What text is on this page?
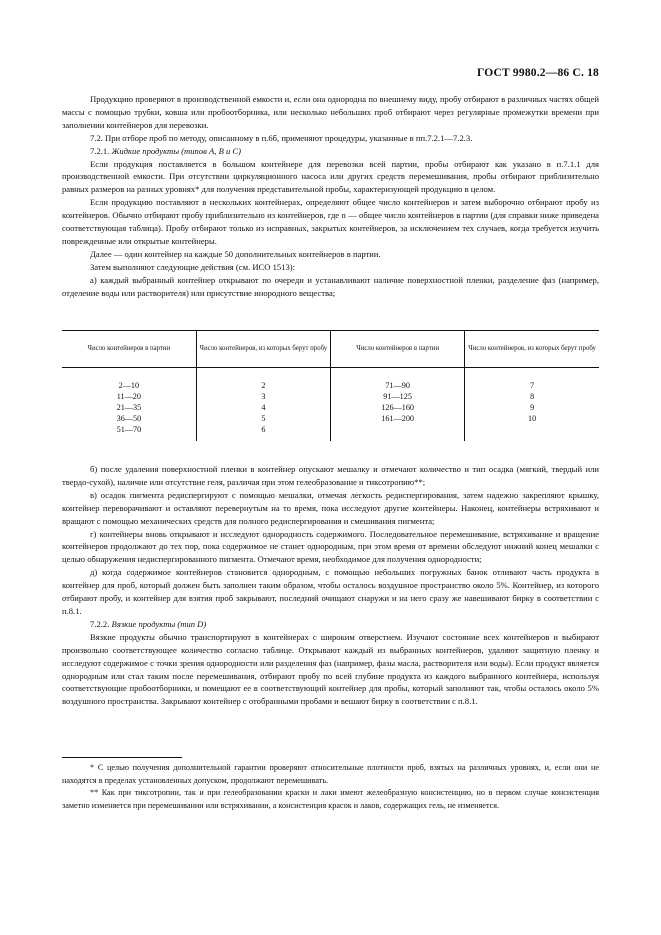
ГОСТ 9980.2—86 С. 18

Продукцию проверяют в производственной емкости и, если она однородна по внешнему виду, пробу отбирают в различных частях общей массы с помощью трубки, ковша или пробоотборника, или несколько небольших проб отбирают через регулярные промежутки времени при заполнении контейнеров для перевозки.

7.2. При отборе проб по методу, описанному в п.6б, применяют процедуры, указанные в пп.7.2.1—7.2.3.

7.2.1. Жидкие продукты (типов А, В и С)

Если продукция поставляется в большом контейнере для перевозки всей партии, пробы отбирают как указано в п.7.1.1 для производственной емкости. При отсутствии циркуляционного насоса или других средств перемешивания, пробы отбирают приблизительно равных размеров на разных уровнях* для получения представительной пробы, характеризующей продукцию в целом.

Если продукцию поставляют в нескольких контейнерах, определяют общее число контейнеров и затем выборочно отбирают пробу из контейнеров. Обычно отбирают пробу приблизительно из контейнеров, где n — общее число контейнеров в партии (для справки ниже приведена соответствующая таблица). Пробу отбирают только из исправных, закрытых контейнеров, за исключением тех случаев, когда требуется изучить поврежденные или открытые контейнеры.

Далее — один контейнер на каждые 50 дополнительных контейнеров в партии.

Затем выполняют следующие действия (см. ИСО 1513):

а) каждый выбранный контейнер открывают по очереди и устанавливают наличие поверхностной пленки, разделение фаз (например, отделение воды или растворителя) или присутствие инородного вещества;

Число контейнеров в партии	Число контейнеров, из которых берут пробу	Число контейнеров в партии	Число контейнеров, из которых берут пробу
2—10	2	71—90	7
11—20	3	91—125	8
21—35	4	126—160	9
36—50	5	161—200	10
51—70	6		

б) после удаления поверхностной пленки в контейнер опускают мешалку и отмечают количество и тип осадка (мягкий, твердый или твердо-сухой), наличие или отсутствие геля, различая при этом гелеобразование и тиксотропию**;

в) осадок пигмента редиспергируют с помощью мешалки, отмечая легкость редиспергирования, затем надежно закрепляют крышку, контейнер переворачивают и оставляют перевернутым на то время, пока исследуют другие контейнеры. Наконец, контейнеры встряхивают и вращают с помощью механических средств для полного редиспергирования и смешивания пигмента;

г) контейнеры вновь открывают и исследуют однородность содержимого. Последовательное перемешивание, встряхивание и вращение контейнеров продолжают до тех пор, пока содержимое не станет однородным, при этом время от времени обследуют нижний конец мешалки с целью обнаружения недиспергированного пигмента. Отмечают время, необходимое для получения однородности;

д) когда содержимое контейнеров становится однородным, с помощью небольших погружных банок отливают часть продукта в контейнер для проб, который должен быть заполнен таким образом, чтобы осталось воздушное пространство около 5%. Контейнер, из которого отбирают пробу, и контейнер для взятия проб закрывают, последний очищают снаружи и на него сразу же навешивают бирку в соответствии с п.8.1.

7.2.2. Вязкие продукты (тип D)

Вязкие продукты обычно транспортируют в контейнерах с широким отверстием. Изучают состояние всех контейнеров и выбирают произвольно соответствующее количество согласно таблице. Открывают каждый из выбранных контейнеров, удаляют защитную пленку и исследуют содержимое с точки зрения однородности или разделения фаз (например, фазы масла, растворителя или воды). Если продукт является однородным или стал таким после перемешивания, отбирают пробу по всей глубине продукта из каждого выбранного контейнера, используя соответствующие пробоотборники, и помещают ее в соответствующий контейнер для пробы, который заполняют так, чтобы осталось около 5% воздушного пространства. Закрывают контейнер с отобранными пробами и вешают бирку в соответствии с п.8.1.

* С целью получения дополнительной гарантии проверяют относительные плотности проб, взятых на различных уровнях, и, если они не находятся в пределах установленных допуском, продолжают перемешивать.

** Как при тиксотропии, так и при гелеобразовании краски и лаки имеют желеобразную консистенцию, но в первом случае консистенция заметно изменяется при перемешивании или встряхивании, а консистенция красок и лаков, содержащих гель, не изменяется.
